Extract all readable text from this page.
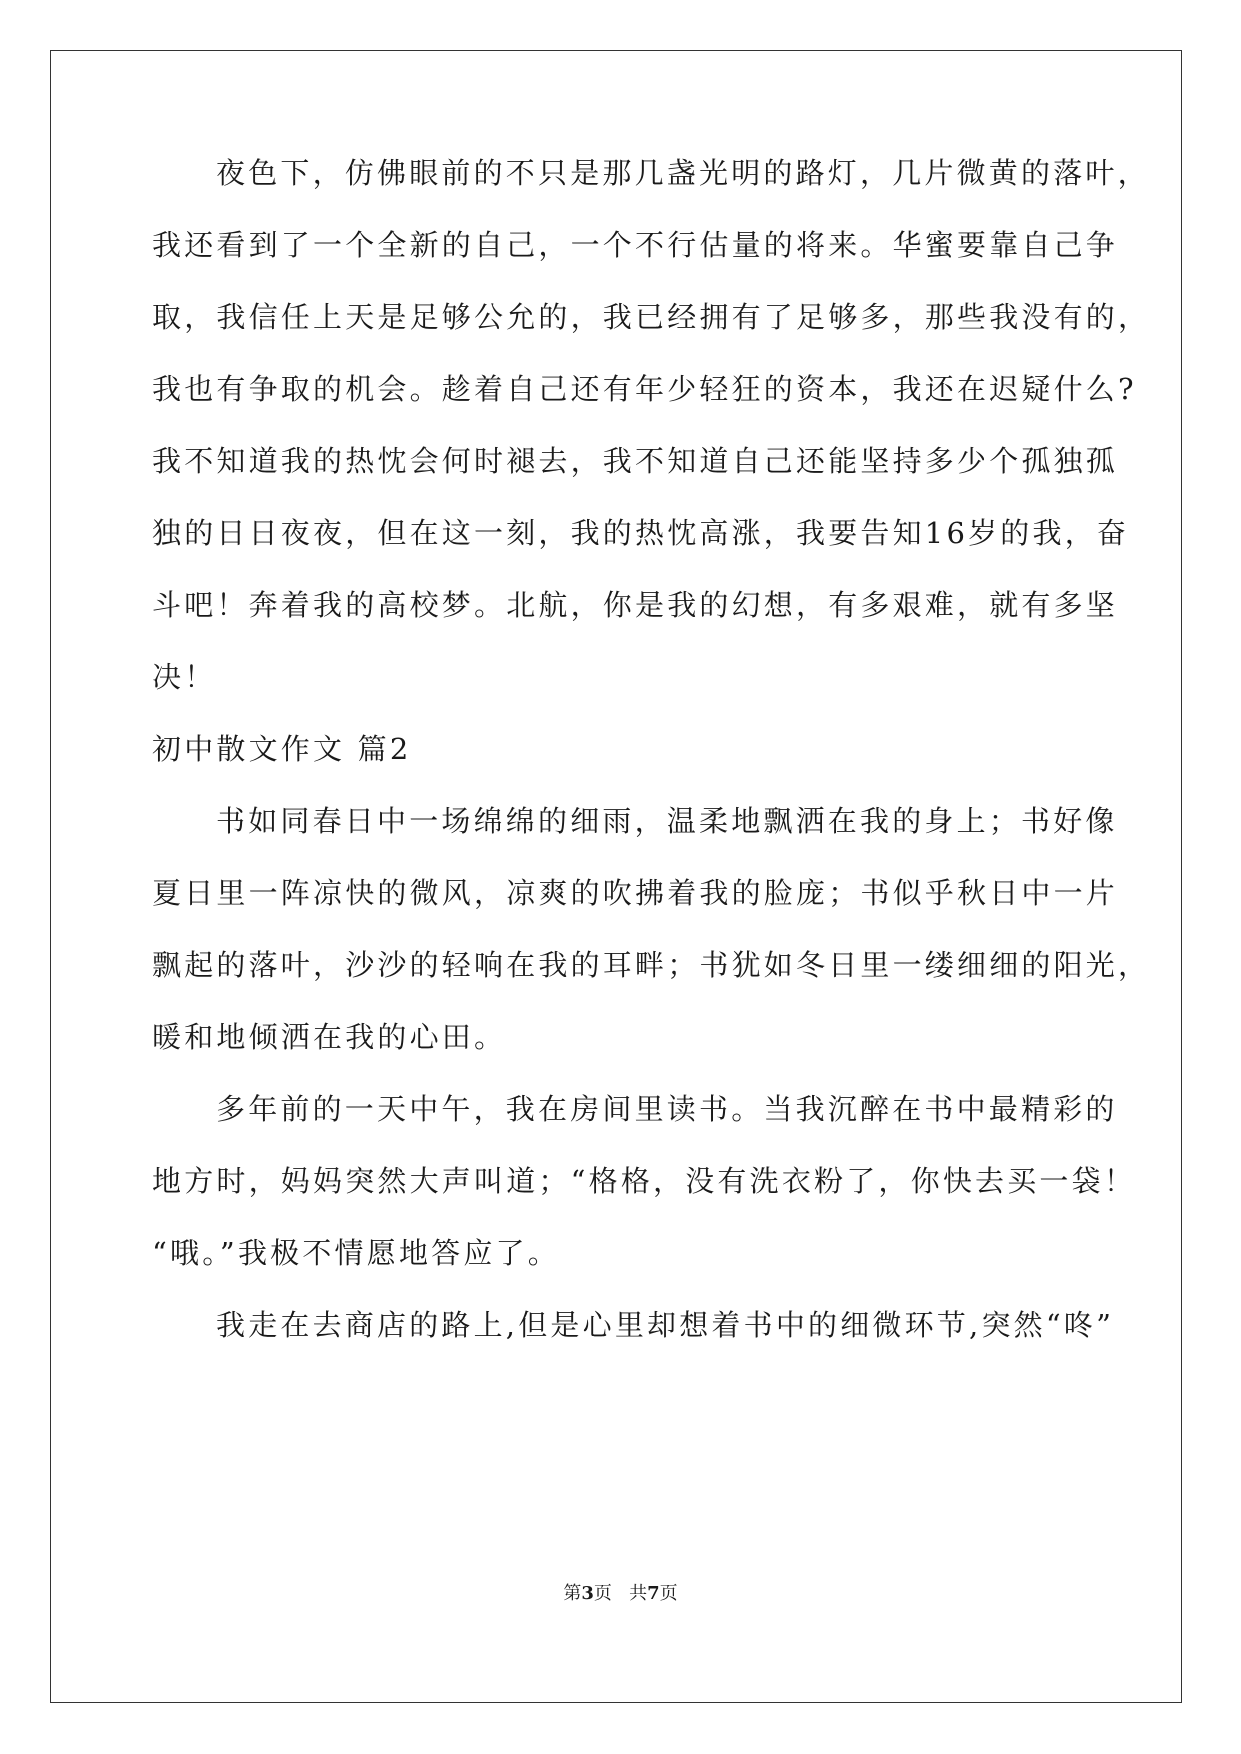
夜色下，仿佛眼前的不只是那几盏光明的路灯，几片微黄的落叶，
我还看到了一个全新的自己，一个不行估量的将来。华蜜要靠自己争
取，我信任上天是足够公允的，我已经拥有了足够多，那些我没有的，
我也有争取的机会。趁着自己还有年少轻狂的资本，我还在迟疑什么?
我不知道我的热忱会何时褪去，我不知道自己还能坚持多少个孤独孤
独的日日夜夜，但在这一刻，我的热忱高涨，我要告知16岁的我，奋
斗吧！奔着我的高校梦。北航，你是我的幻想，有多艰难，就有多坚
决！
初中散文作文 篇2
书如同春日中一场绵绵的细雨，温柔地飘洒在我的身上；书好像
夏日里一阵凉快的微风，凉爽的吹拂着我的脸庞；书似乎秋日中一片
飘起的落叶，沙沙的轻响在我的耳畔；书犹如冬日里一缕细细的阳光，
暖和地倾洒在我的心田。
多年前的一天中午，我在房间里读书。当我沉醉在书中最精彩的
地方时，妈妈突然大声叫道；“格格，没有洗衣粉了，你快去买一袋！
“哦。”我极不情愿地答应了。
我走在去商店的路上,但是心里却想着书中的细微环节,突然“咚”
第3页   共7页
